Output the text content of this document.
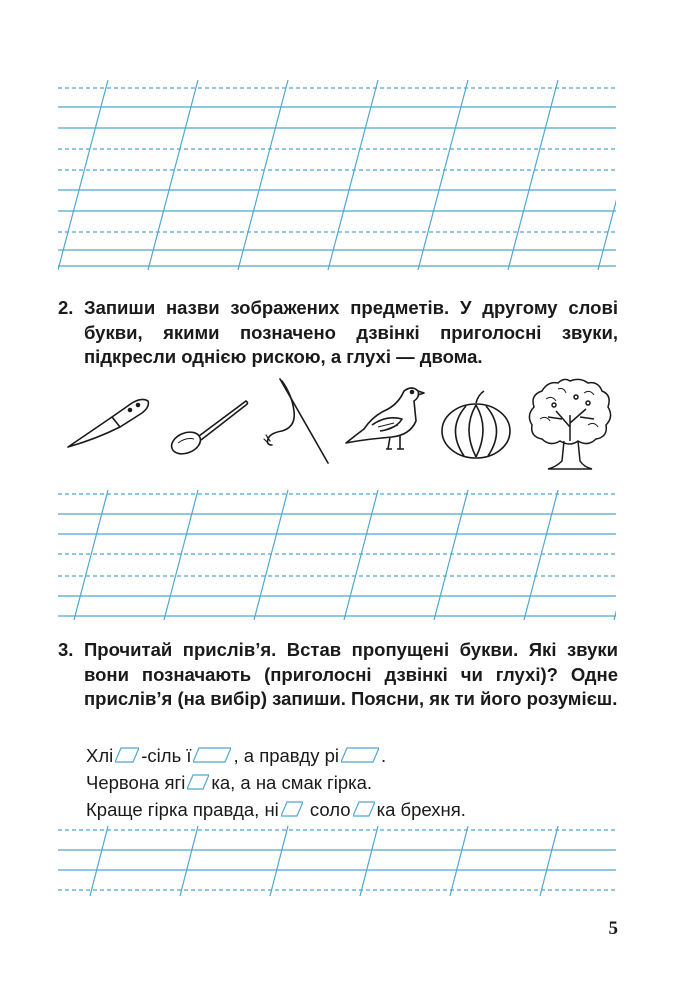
2. Запиши назви зображених предметів. У другому слові букви, якими позначено дзвінкі приголосні звуки, підкресли однією рискою, а глухі — двома.
3. Прочитай прислів’я. Встав пропущені букви. Які звуки вони позначають (приголосні дзвінкі чи глухі)? Одне прислів’я (на вибір) запиши. Поясни, як ти його розумієш.
Хлі -сіль ї , а правду рі .
Червона ягі ка, а на смак гірка.
Краще гірка правда, ні
соло ка брехня.
5
